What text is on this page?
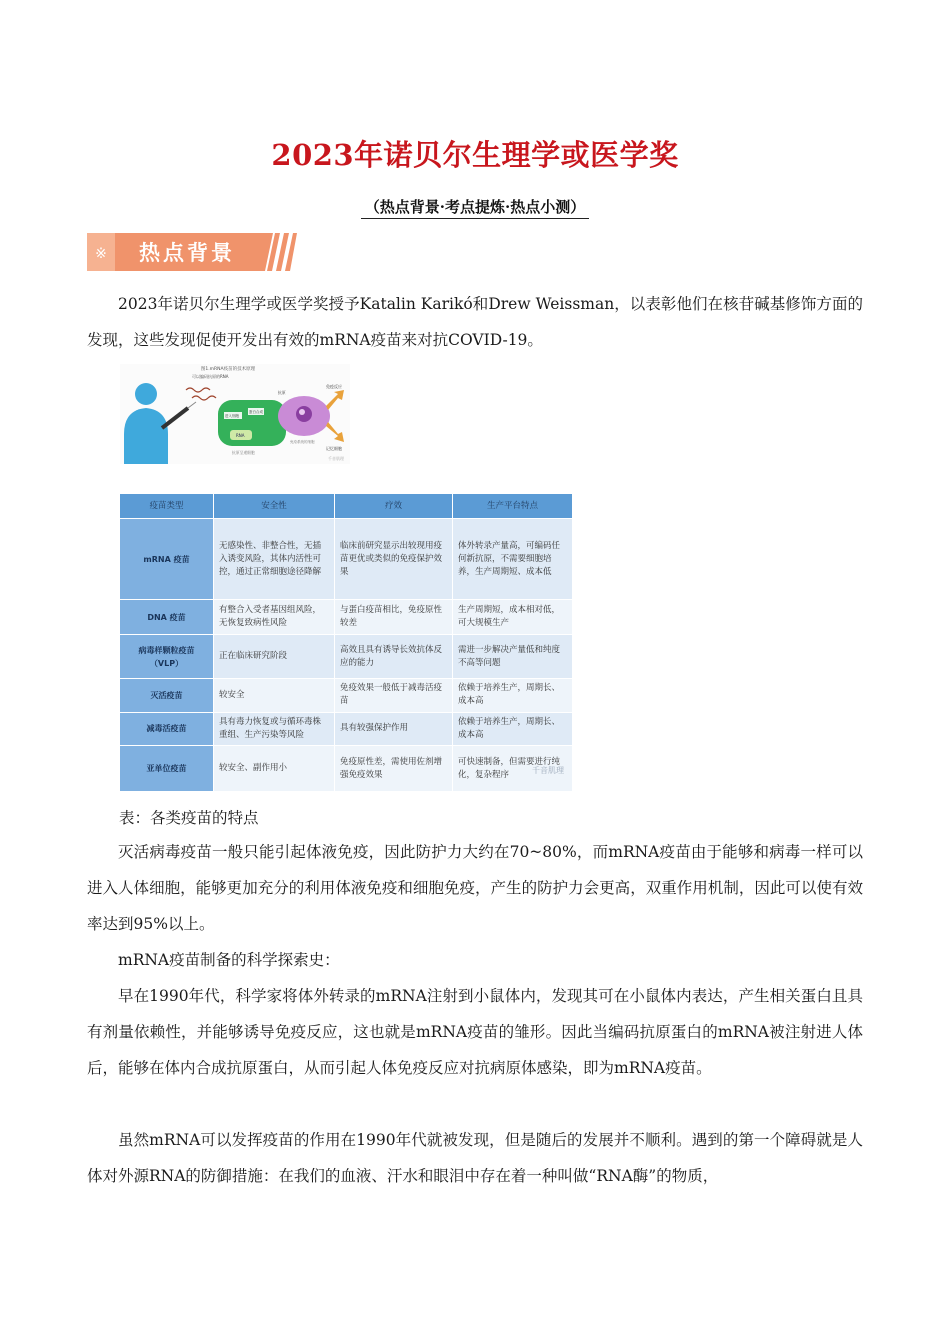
2023年诺贝尔生理学或医学奖
（热点背景·考点提炼·热点小测）
※ 热点背景

2023年诺贝尔生理学或医学奖授予Katalin Karikó和Drew Weissman，以表彰他们在核苷碱基修饰方面的发现，这些发现促使开发出有效的mRNA疫苗来对抗COVID-19。

图1.mRNA疫苗的技术原理
可以编码抗原的RNA
RNA
进入细胞
蛋白合成
抗原呈递细胞
抗原
免疫系统的细胞
免疫反应
记忆细胞
千音肌理
疫苗类型	安全性	疗效	生产平台特点
mRNA 疫苗	无感染性、非整合性，无插入诱变风险，其体内活性可控，通过正常细胞途径降解	临床前研究显示出较现用疫苗更优或类似的免疫保护效果	体外转录产量高，可编码任何新抗原，不需要细胞培养，生产周期短、成本低
DNA 疫苗	有整合入受者基因组风险，无恢复致病性风险	与蛋白疫苗相比，免疫原性较差	生产周期短，成本相对低，可大规模生产
病毒样颗粒疫苗（VLP）	正在临床研究阶段	高效且具有诱导长效抗体反应的能力	需进一步解决产量低和纯度不高等问题
灭活疫苗	较安全	免疫效果一般低于减毒活疫苗	依赖于培养生产，周期长、成本高
减毒活疫苗	具有毒力恢复或与循环毒株重组、生产污染等风险	具有较强保护作用	依赖于培养生产，周期长、成本高
亚单位疫苗	较安全、副作用小	免疫原性差，需使用佐剂增强免疫效果	可快速制备，但需要进行纯化，复杂程序 千音肌理
表：各类疫苗的特点

灭活病毒疫苗一般只能引起体液免疫，因此防护力大约在70~80%，而mRNA疫苗由于能够和病毒一样可以进入人体细胞，能够更加充分的利用体液免疫和细胞免疫，产生的防护力会更高，双重作用机制，因此可以使有效率达到95%以上。

mRNA疫苗制备的科学探索史：

早在1990年代，科学家将体外转录的mRNA注射到小鼠体内，发现其可在小鼠体内表达，产生相关蛋白且具有剂量依赖性，并能够诱导免疫反应，这也就是mRNA疫苗的雏形。因此当编码抗原蛋白的mRNA被注射进人体后，能够在体内合成抗原蛋白，从而引起人体免疫反应对抗病原体感染，即为mRNA疫苗。

虽然mRNA可以发挥疫苗的作用在1990年代就被发现，但是随后的发展并不顺利。遇到的第一个障碍就是人体对外源RNA的防御措施：在我们的血液、汗水和眼泪中存在着一种叫做“RNA酶”的物质，
